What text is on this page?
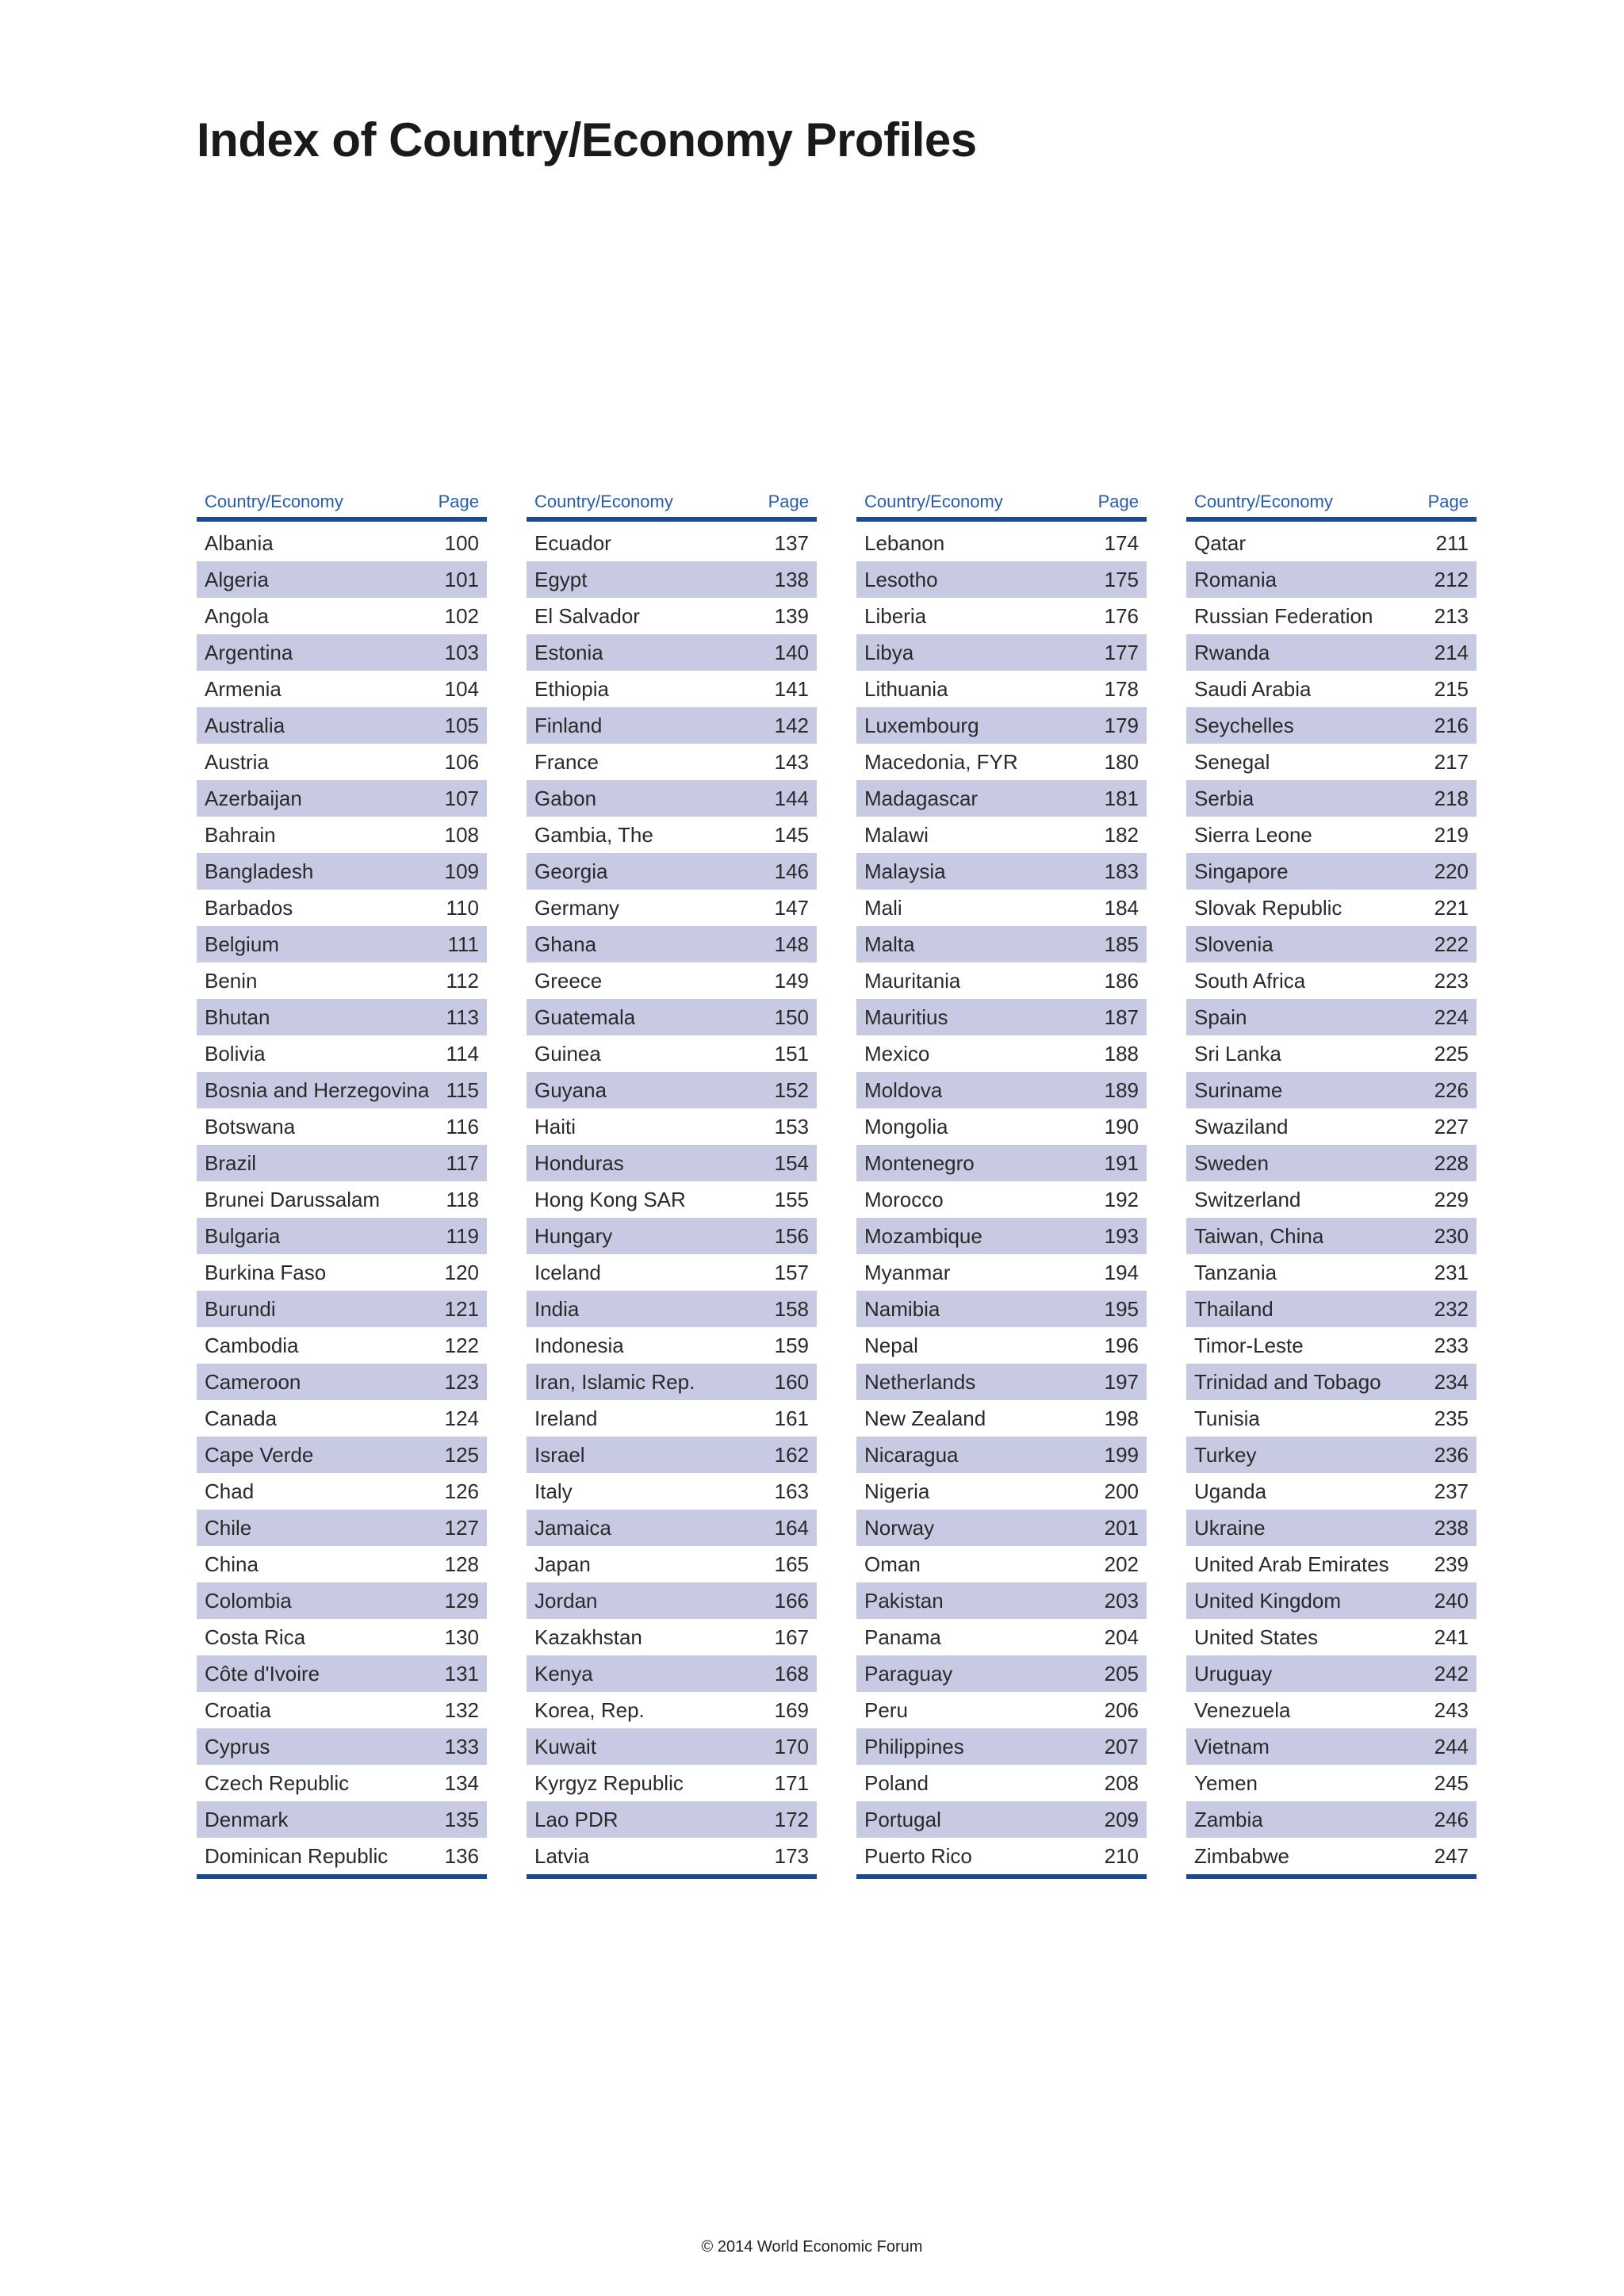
Index of Country/Economy Profiles
Country/Economy	Page
Albania	100
Algeria	101
Angola	102
Argentina	103
Armenia	104
Australia	105
Austria	106
Azerbaijan	107
Bahrain	108
Bangladesh	109
Barbados	110
Belgium	111
Benin	112
Bhutan	113
Bolivia	114
Bosnia and Herzegovina 115
Botswana	116
Brazil	117
Brunei Darussalam	118
Bulgaria	119
Burkina Faso	120
Burundi	121
Cambodia	122
Cameroon	123
Canada	124
Cape Verde	125
Chad	126
Chile	127
China	128
Colombia	129
Costa Rica	130
Côte d'Ivoire	131
Croatia	132
Cyprus	133
Czech Republic	134
Denmark	135
Dominican Republic	136
Country/Economy	Page
Ecuador	137
Egypt	138
El Salvador	139
Estonia	140
Ethiopia	141
Finland	142
France	143
Gabon	144
Gambia, The	145
Georgia	146
Germany	147
Ghana	148
Greece	149
Guatemala	150
Guinea	151
Guyana	152
Haiti	153
Honduras	154
Hong Kong SAR	155
Hungary	156
Iceland	157
India	158
Indonesia	159
Iran, Islamic Rep.	160
Ireland	161
Israel	162
Italy	163
Jamaica	164
Japan	165
Jordan	166
Kazakhstan	167
Kenya	168
Korea, Rep.	169
Kuwait	170
Kyrgyz Republic	171
Lao PDR	172
Latvia	173
Country/Economy	Page
Lebanon	174
Lesotho	175
Liberia	176
Libya	177
Lithuania	178
Luxembourg	179
Macedonia, FYR	180
Madagascar	181
Malawi	182
Malaysia	183
Mali	184
Malta	185
Mauritania	186
Mauritius	187
Mexico	188
Moldova	189
Mongolia	190
Montenegro	191
Morocco	192
Mozambique	193
Myanmar	194
Namibia	195
Nepal	196
Netherlands	197
New Zealand	198
Nicaragua	199
Nigeria	200
Norway	201
Oman	202
Pakistan	203
Panama	204
Paraguay	205
Peru	206
Philippines	207
Poland	208
Portugal	209
Puerto Rico	210
Country/Economy	Page
Qatar	211
Romania	212
Russian Federation	213
Rwanda	214
Saudi Arabia	215
Seychelles	216
Senegal	217
Serbia	218
Sierra Leone	219
Singapore	220
Slovak Republic	221
Slovenia	222
South Africa	223
Spain	224
Sri Lanka	225
Suriname	226
Swaziland	227
Sweden	228
Switzerland	229
Taiwan, China	230
Tanzania	231
Thailand	232
Timor-Leste	233
Trinidad and Tobago	234
Tunisia	235
Turkey	236
Uganda	237
Ukraine	238
United Arab Emirates 239
United Kingdom	240
United States	241
Uruguay	242
Venezuela	243
Vietnam	244
Yemen	245
Zambia	246
Zimbabwe	247
© 2014 World Economic Forum
